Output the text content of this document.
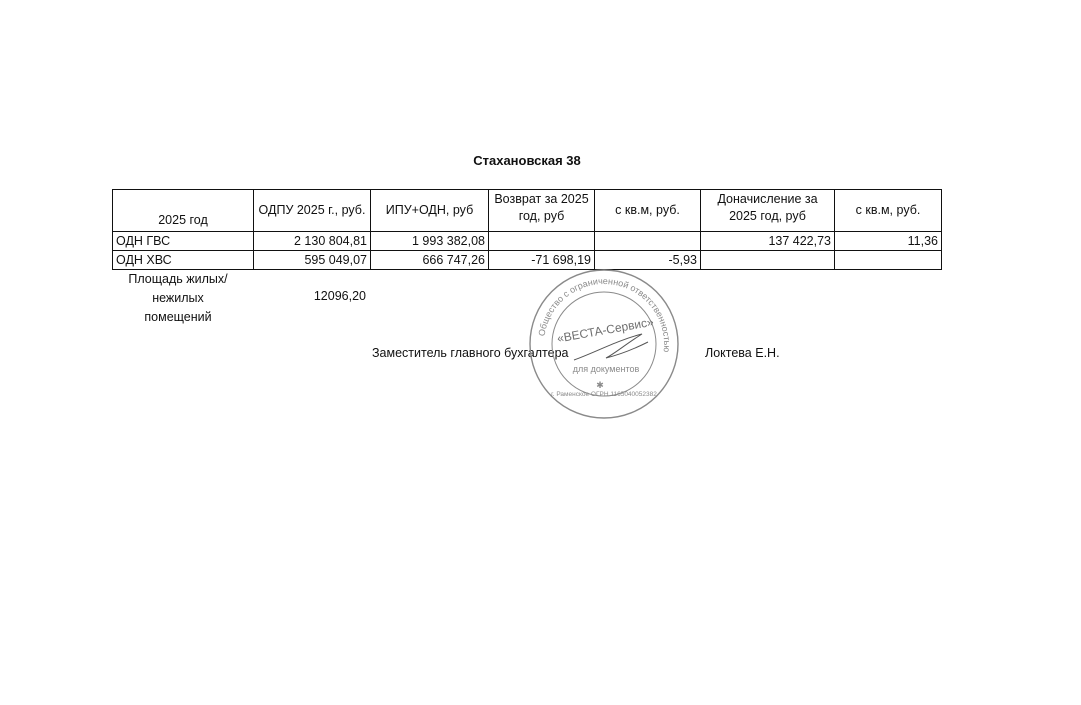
Стахановская 38
2025 год	ОДПУ 2025 г., руб.	ИПУ+ОДН, руб	Возврат за 2025 год, руб	с кв.м, руб.	Доначисление за 2025 год, руб	с кв.м, руб.
ОДН ГВС	2 130 804,81	1 993 382,08			137 422,73	11,36
ОДН ХВС	595 049,07	666 747,26	-71 698,19	-5,93		
Площадь жилых/нежилых помещений
12096,20
Заместитель главного бухгалтера	Локтева Е.Н.
Общество с ограниченной ответственностью
«ВЕСТА-Сервис»
для документов
г. Раменское ОГРН 1165040052382
✱
